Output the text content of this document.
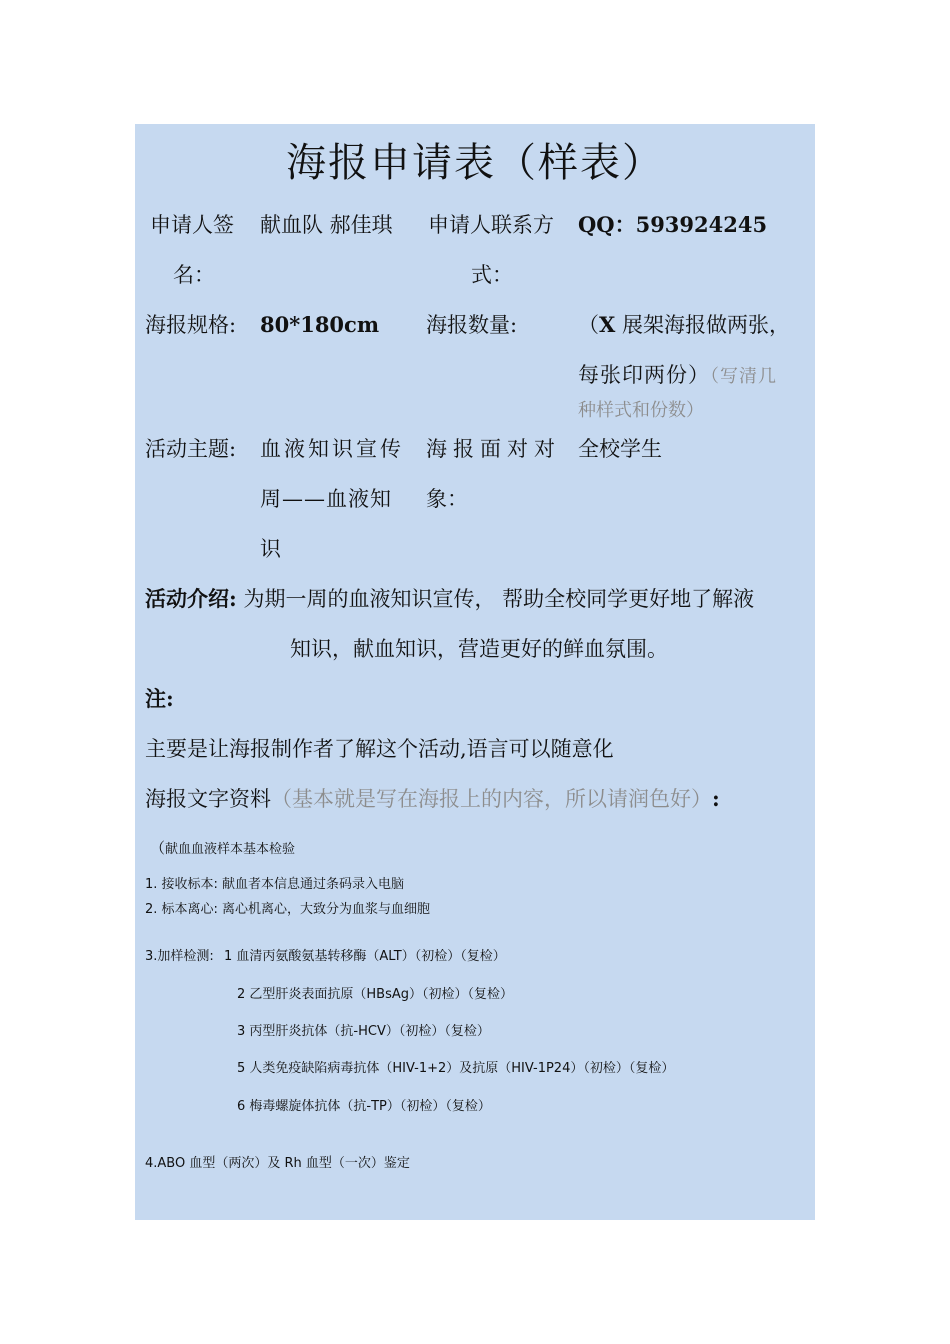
海报申请表（样表）
申请人签
名：
献血队 郝佳琪 申请人联系方
式：
QQ：593924245
海报规格: 80*180cm 海报数量:	（X 展架海报做两张，
每张印两份）（写清几
种样式和份数）
活动主题: 血液知识宣传
周——血液知
识
海报面对对
象：
全校学生
活动介绍: 为期一周的血液知识宣传， 帮助全校同学更好地了解液
知识，献血知识，营造更好的鲜血氛围。
注:
主要是让海报制作者了解这个活动,语言可以随意化
海报文字资料（基本就是写在海报上的内容，所以请润色好）:
（献血血液样本基本检验
1. 接收标本: 献血者本信息通过条码录入电脑
2. 标本离心: 离心机离心，大致分为血浆与血细胞
3.加样检测: 1 血清丙氨酸氨基转移酶（ALT）（初检）（复检）
2 乙型肝炎表面抗原（HBsAg）（初检）（复检）
3 丙型肝炎抗体（抗-HCV）（初检）（复检）
5 人类免疫缺陷病毒抗体（HIV-1+2）及抗原（HIV-1P24）（初检）（复检）
6 梅毒螺旋体抗体（抗-TP）（初检）（复检）
4.ABO 血型（两次）及 Rh 血型（一次）鉴定
